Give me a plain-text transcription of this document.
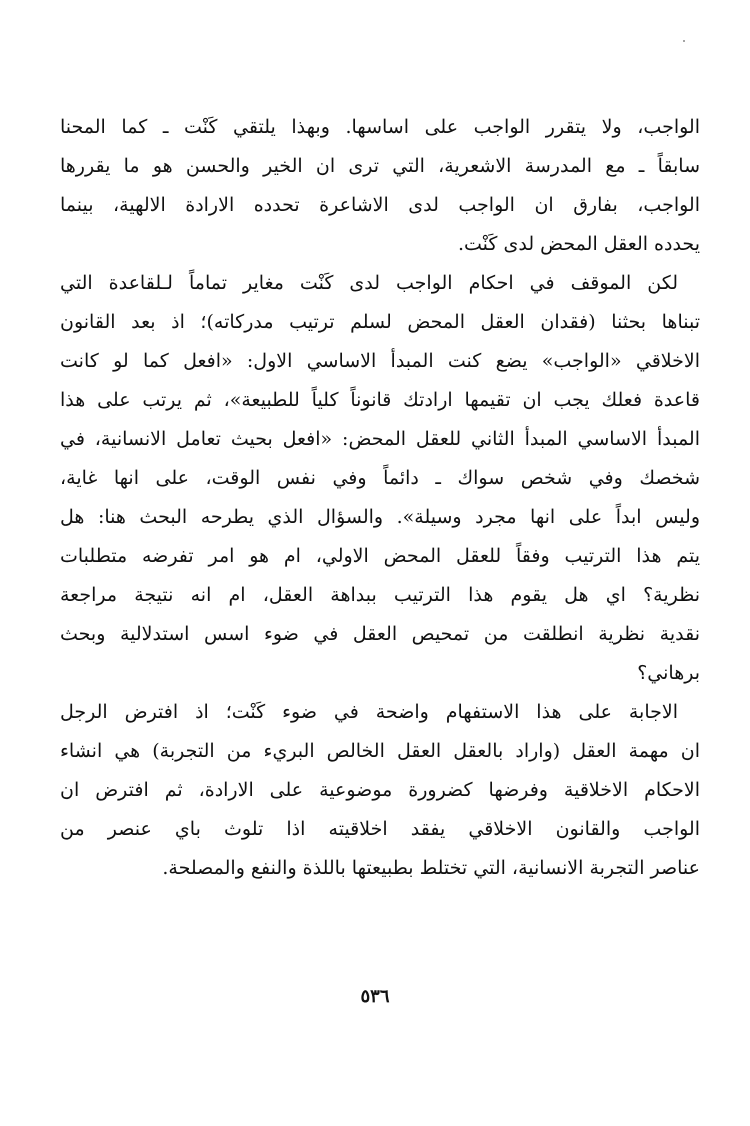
الواجب، ولا يتقرر الواجب على اساسها. وبهذا يلتقي كَنْت ـ كما المحنا
سابقاً ـ مع المدرسة الاشعرية، التي ترى ان الخير والحسن هو ما يقررها
الواجب، بفارق ان الواجب لدى الاشاعرة تحدده الارادة الالهية، بينما
يحدده العقل المحض لدى كَنْت.
لكن الموقف في احكام الواجب لدى كَنْت مغاير تماماً لـلقاعدة التي
تبناها بحثنا (فقدان العقل المحض لسلم ترتيب مدركاته)؛ اذ بعد القانون
الاخلاقي «الواجب» يضع كنت المبدأ الاساسي الاول: «افعل كما لو كانت
قاعدة فعلك يجب ان تقيمها ارادتك قانوناً كلياً للطبيعة»، ثم يرتب على هذا
المبدأ الاساسي المبدأ الثاني للعقل المحض: «افعل بحيث تعامل الانسانية، في
شخصك وفي شخص سواك ـ دائماً وفي نفس الوقت، على انها غاية،
وليس ابداً على انها مجرد وسيلة». والسؤال الذي يطرحه البحث هنا: هل
يتم هذا الترتيب وفقاً للعقل المحض الاولي، ام هو امر تفرضه متطلبات
نظرية؟ اي هل يقوم هذا الترتيب ببداهة العقل، ام انه نتيجة مراجعة
نقدية نظرية انطلقت من تمحيص العقل في ضوء اسس استدلالية وبحث
برهاني؟
الاجابة على هذا الاستفهام واضحة في ضوء كَنْت؛ اذ افترض الرجل
ان مهمة العقل (واراد بالعقل العقل الخالص البريء من التجربة) هي انشاء
الاحكام الاخلاقية وفرضها كضرورة موضوعية على الارادة، ثم افترض ان
الواجب والقانون الاخلاقي يفقد اخلاقيته اذا تلوث باي عنصر من
عناصر التجربة الانسانية، التي تختلط بطبيعتها باللذة والنفع والمصلحة.
٥٣٦
